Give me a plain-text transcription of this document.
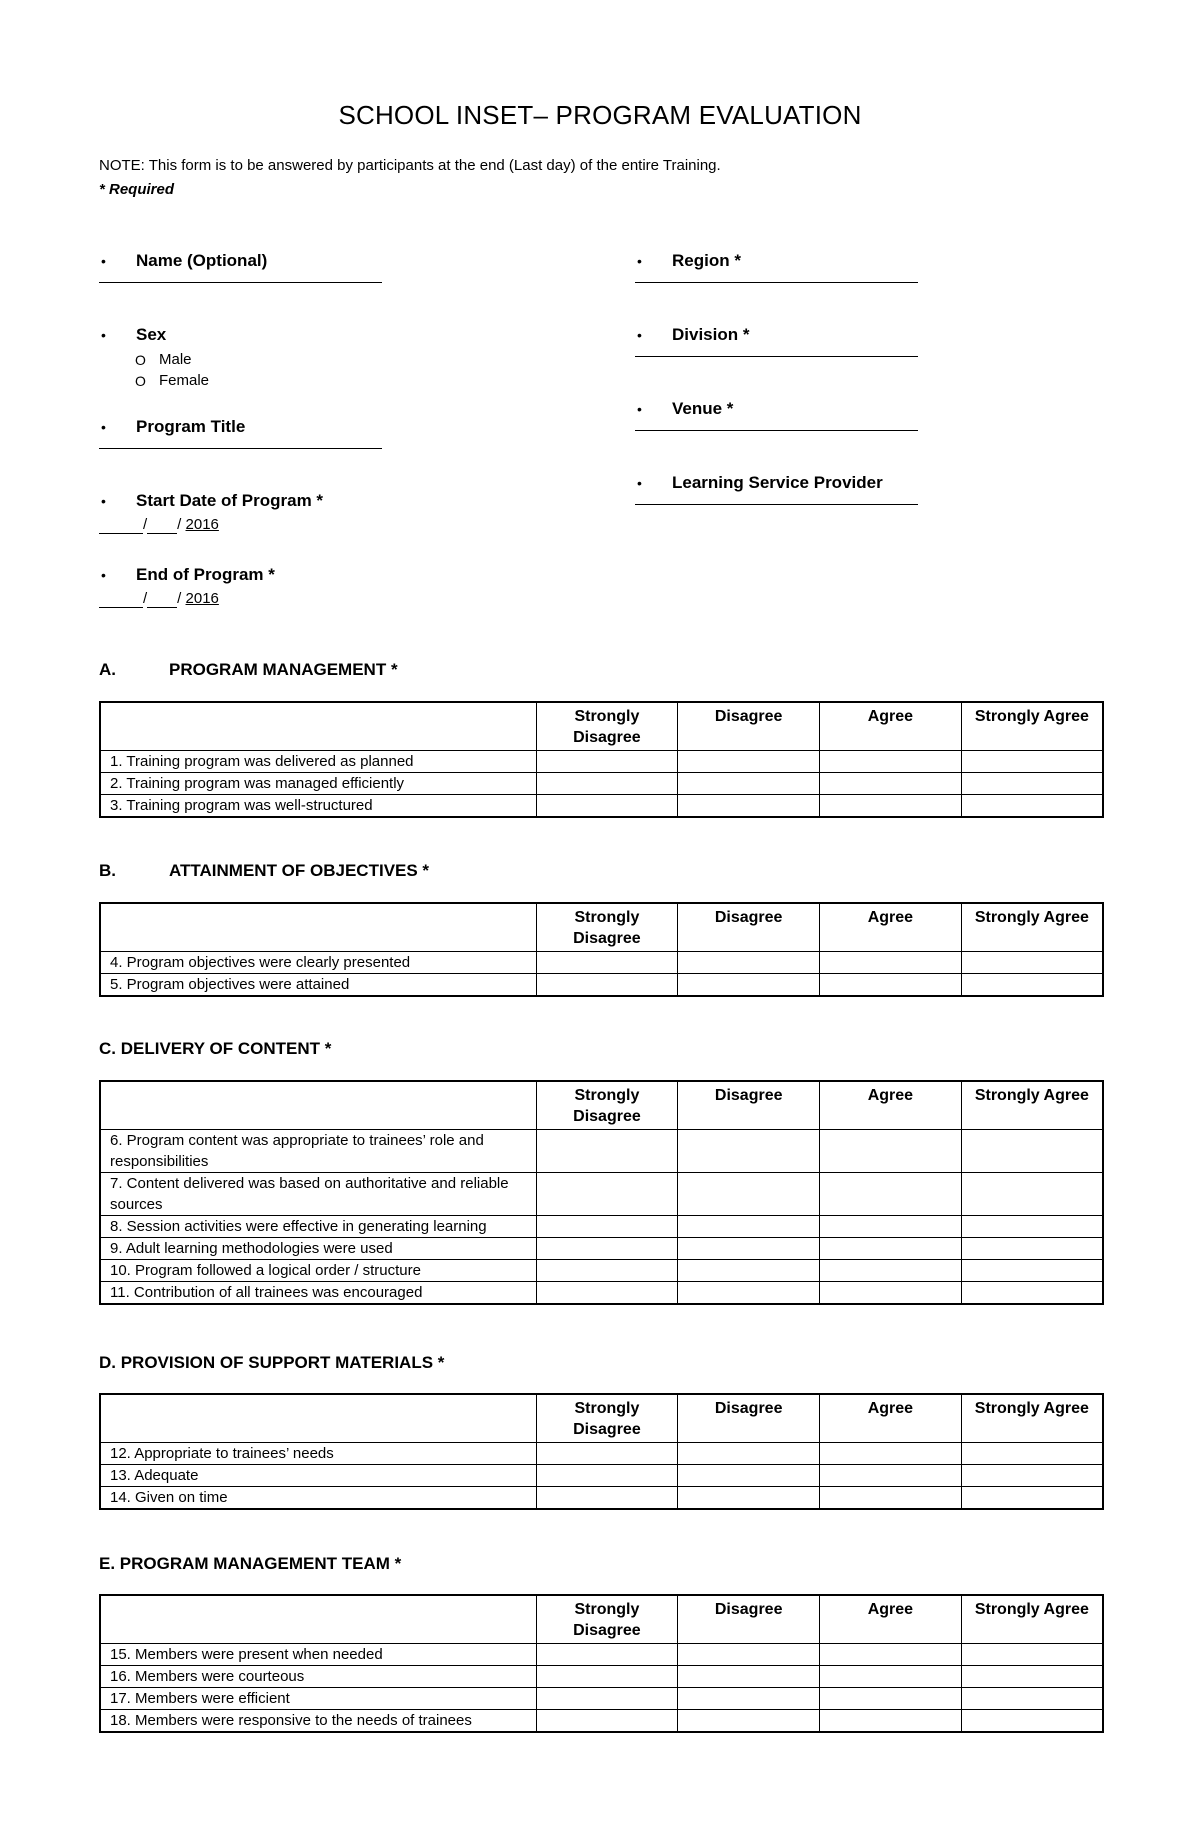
SCHOOL INSET– PROGRAM EVALUATION
NOTE: This form is to be answered by participants at the end (Last day) of the entire Training.
* Required
•	Name (Optional)
•	Sex
O Male
O Female
•	Program Title
•	Start Date of Program *
/ / 2016
•	End of Program *
/ / 2016
•	Region *
•	Division *
•	Venue *
•	Learning Service Provider
A.	PROGRAM MANAGEMENT *
	Strongly Disagree	Disagree	Agree	Strongly Agree
1. Training program was delivered as planned				
2. Training program was managed efficiently				
3. Training program was well-structured				
B.	ATTAINMENT OF OBJECTIVES *
	Strongly Disagree	Disagree	Agree	Strongly Agree
4. Program objectives were clearly presented				
5. Program objectives were attained				
C. DELIVERY OF CONTENT *
	Strongly Disagree	Disagree	Agree	Strongly Agree
6. Program content was appropriate to trainees’ role and responsibilities				
7. Content delivered was based on authoritative and reliable sources				
8. Session activities were effective in generating learning				
9. Adult learning methodologies were used				
10. Program followed a logical order / structure				
11. Contribution of all trainees was encouraged				
D. PROVISION OF SUPPORT MATERIALS *
	Strongly Disagree	Disagree	Agree	Strongly Agree
12. Appropriate to trainees’ needs				
13. Adequate				
14. Given on time				
E. PROGRAM MANAGEMENT TEAM *
	Strongly Disagree	Disagree	Agree	Strongly Agree
15. Members were present when needed				
16. Members were courteous				
17. Members were efficient				
18. Members were responsive to the needs of trainees				
